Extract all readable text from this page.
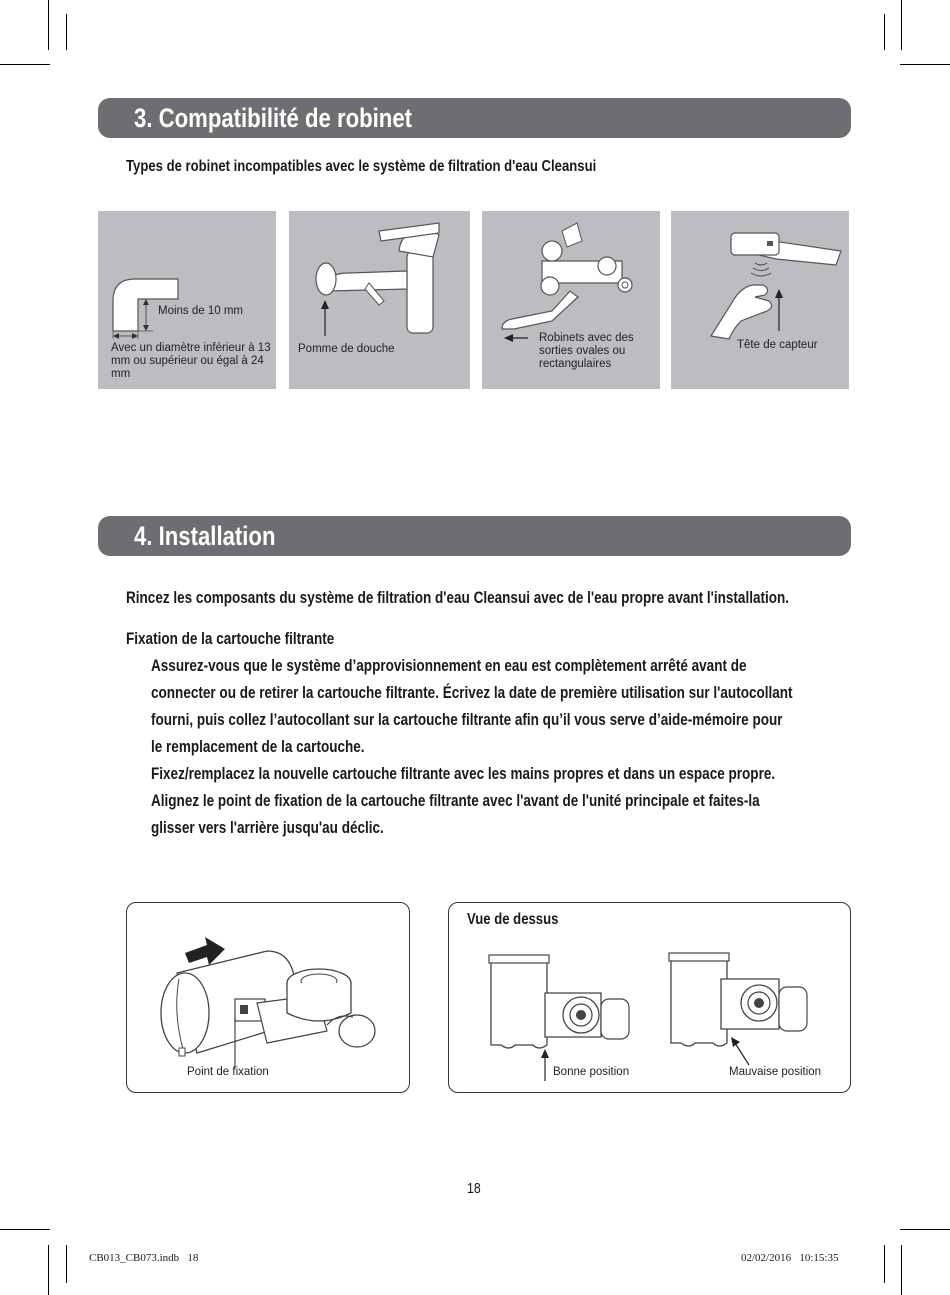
3. Compatibilité de robinet
Types de robinet incompatibles avec le système de filtration d'eau Cleansui
Moins de 10 mm
Avec un diamètre inférieur à 13 mm ou supérieur ou égal à 24 mm
Pomme de douche
Robinets avec des sorties ovales ou rectangulaires
Tête de capteur
4. Installation
Rincez les composants du système de filtration d'eau Cleansui avec de l'eau propre avant l'installation.
Fixation de la cartouche filtrante
Assurez-vous que le système d’approvisionnement en eau est complètement arrêté avant de
connecter ou de retirer la cartouche filtrante. Écrivez la date de première utilisation sur l'autocollant
fourni, puis collez l’autocollant sur la cartouche filtrante afin qu’il vous serve d’aide-mémoire pour
le remplacement de la cartouche.
Fixez/remplacez la nouvelle cartouche filtrante avec les mains propres et dans un espace propre.
Alignez le point de fixation de la cartouche filtrante avec l'avant de l'unité principale et faites-la
glisser vers l'arrière jusqu'au déclic.
Point de fixation
Vue de dessus
Bonne position	Mauvaise position
18
CB013_CB073.indb   18	02/02/2016   10:15:35
